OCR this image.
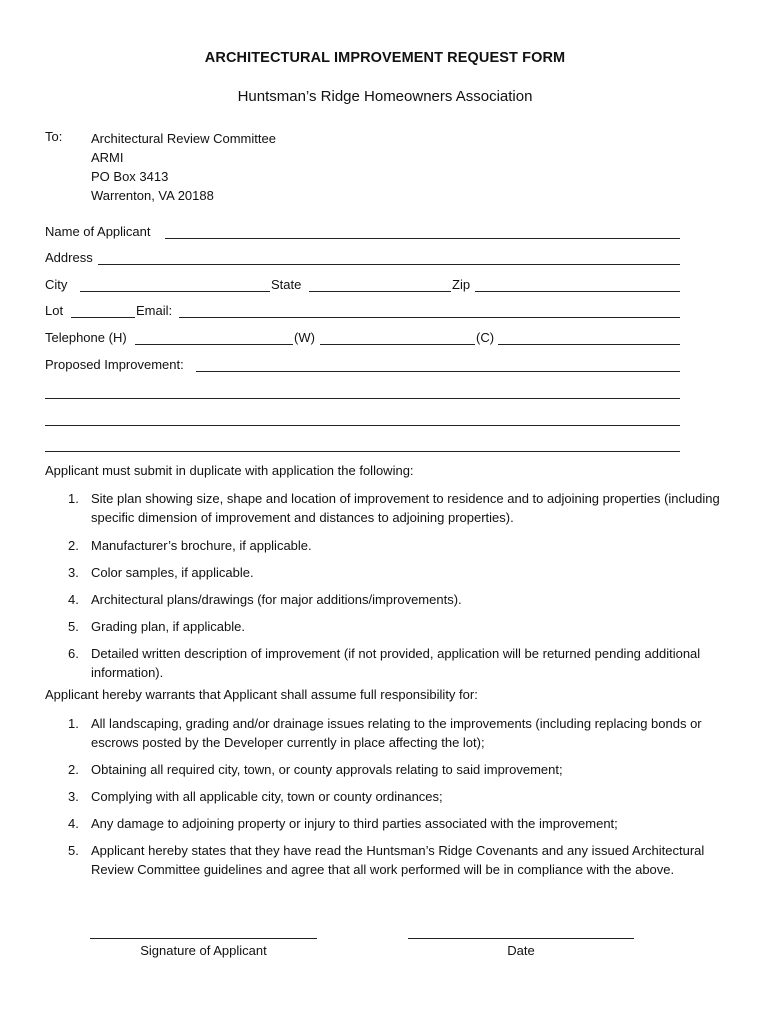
ARCHITECTURAL IMPROVEMENT REQUEST FORM
Huntsman’s Ridge Homeowners Association
To: Architectural Review Committee
ARMI
PO Box 3413
Warrenton, VA 20188
Name of Applicant
Address
City	State	Zip
Lot	Email:
Telephone (H)	(W)	(C)
Proposed Improvement:
Applicant must submit in duplicate with application the following:
1. Site plan showing size, shape and location of improvement to residence and to adjoining properties (including specific dimension of improvement and distances to adjoining properties).
2. Manufacturer’s brochure, if applicable.
3. Color samples, if applicable.
4. Architectural plans/drawings (for major additions/improvements).
5. Grading plan, if applicable.
6. Detailed written description of improvement (if not provided, application will be returned pending additional information).
Applicant hereby warrants that Applicant shall assume full responsibility for:
1. All landscaping, grading and/or drainage issues relating to the improvements (including replacing bonds or escrows posted by the Developer currently in place affecting the lot);
2. Obtaining all required city, town, or county approvals relating to said improvement;
3. Complying with all applicable city, town or county ordinances;
4. Any damage to adjoining property or injury to third parties associated with the improvement;
5. Applicant hereby states that they have read the Huntsman’s Ridge Covenants and any issued Architectural Review Committee guidelines and agree that all work performed will be in compliance with the above.
Signature of Applicant	Date
